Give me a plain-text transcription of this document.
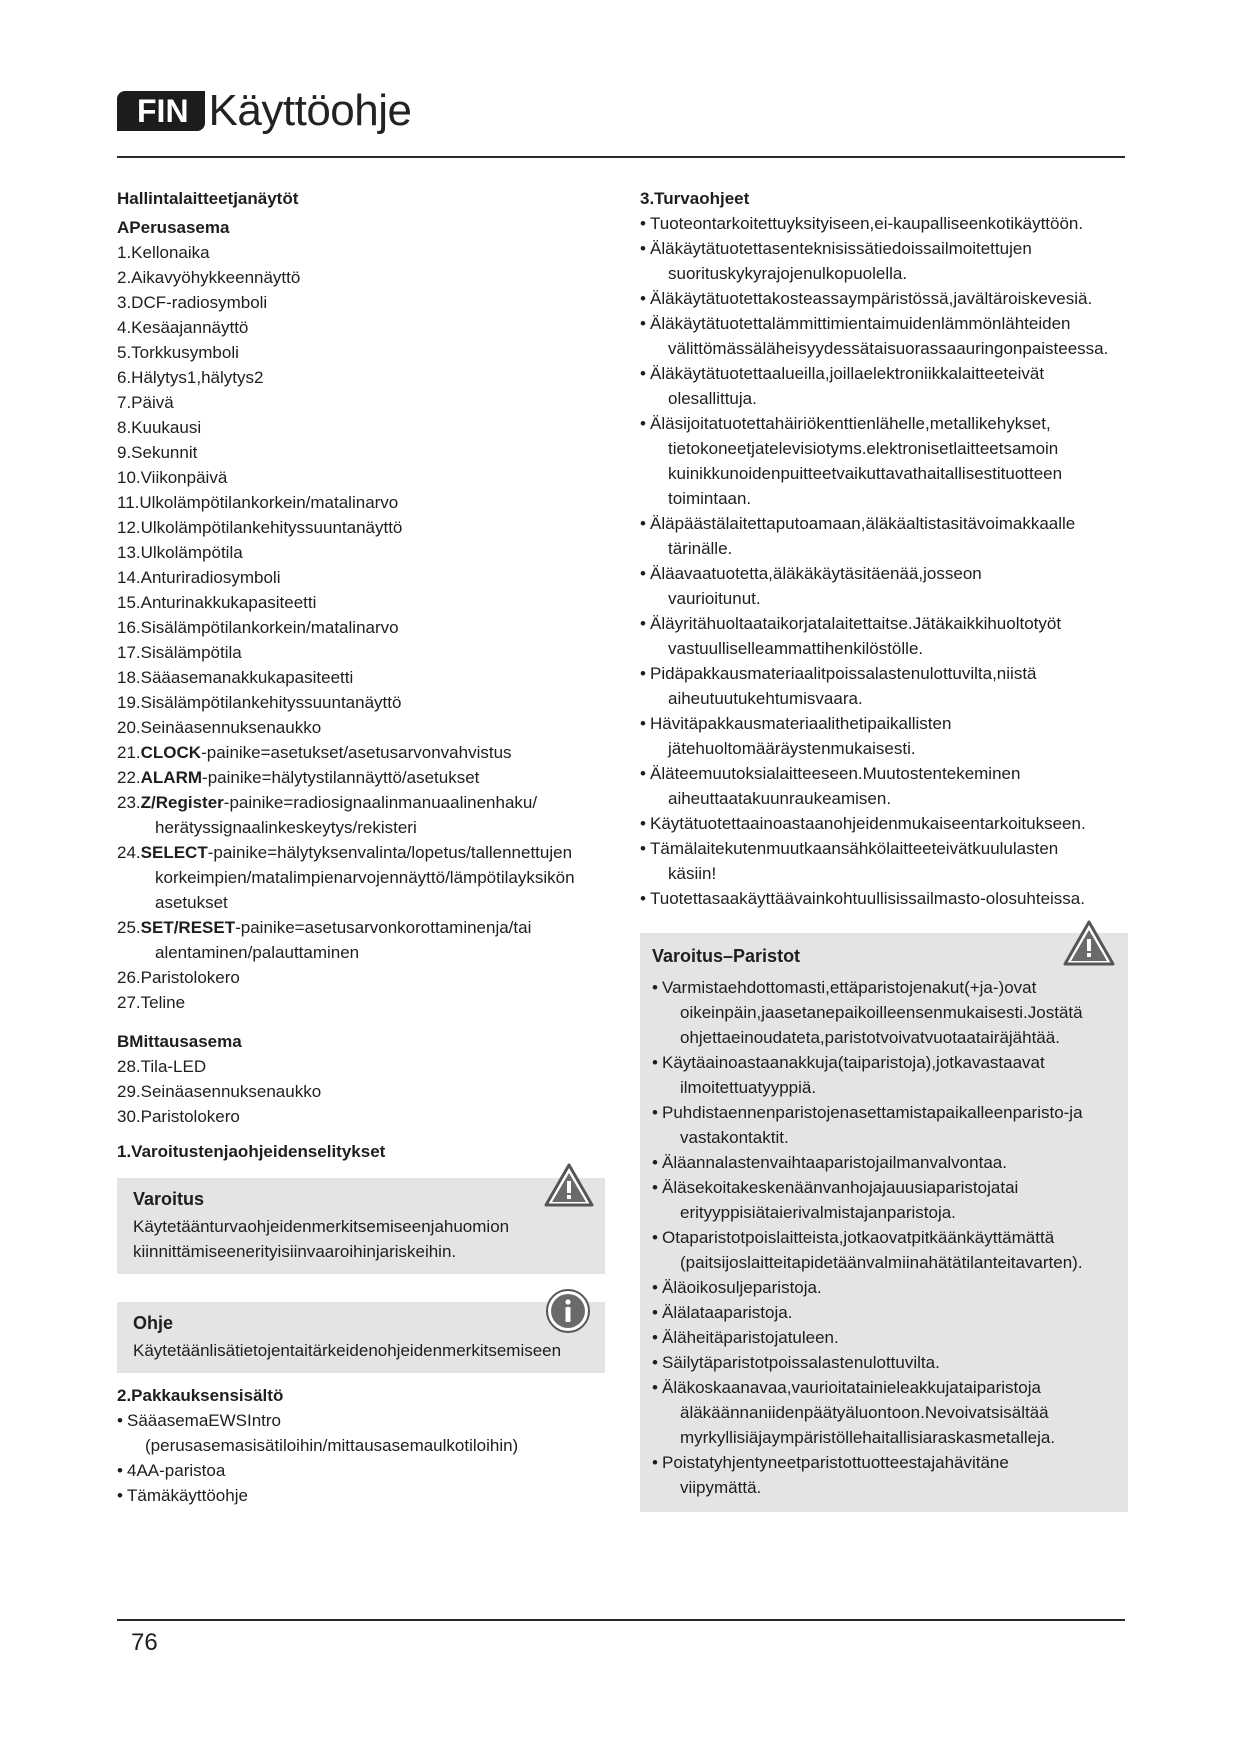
FIN Käyttöohje
Hallintalaitteetjanäytöt
APerusasema
1.Kellonaika
2.Aikavyöhykkeennäyttö
3.DCF-radiosymboli
4.Kesäajannäyttö
5.Torkkusymboli
6.Hälytys1,hälytys2
7.Päivä
8.Kuukausi
9.Sekunnit
10.Viikonpäivä
11.Ulkolämpötilankorkein/matalinarvo
12.Ulkolämpötilankehityssuuntanäyttö
13.Ulkolämpötila
14.Anturiradiosymboli
15.Anturinakkukapasiteetti
16.Sisälämpötilankorkein/matalinarvo
17.Sisälämpötila
18.Sääasemanakkukapasiteetti
19.Sisälämpötilankehityssuuntanäyttö
20.Seinäasennuksenaukko
21.CLOCK-painike=asetukset/asetusarvonvahvistus
22.ALARM-painike=hälytystilannäyttö/asetukset
23.Z/Register-painike=radiosignaalinmanuaalinenhaku/
herätyssignaalinkeskeytys/rekisteri
24.SELECT-painike=hälytyksenvalinta/lopetus/tallennettujen
korkeimpien/matalimpienarvojennäyttö/lämpötilayksikön asetukset
25.SET/RESET-painike=asetusarvonkorottaminenja/tai
alentaminen/palauttaminen
26.Paristolokero
27.Teline
BMittausasema
28.Tila-LED
29.Seinäasennuksenaukko
30.Paristolokero
1.Varoitustenjaohjeidenselitykset
Varoitus
Käytetäänturvaohjeidenmerkitsemiseenjahuomion kiinnittämiseenerityisiinvaaroihinjariskeihin.
Ohje
Käytetäänlisätietojentaitärkeidenohjeidenmerkitsemiseen
2.Pakkauksensisältö
• SääasemaEWSIntro
(perusasemasisätiloihin/mittausasemaulkotiloihin)
• 4AA-paristoa
• Tämäkäyttöohje
3.Turvaohjeet
• Tuoteontarkoitettuyksityiseen,ei-kaupalliseenkotikäyttöön.
• Äläkäytätuotettasenteknisissätiedoissailmoitettujen
suorituskykyrajojenulkopuolella.
• Äläkäytätuotettakosteassaympäristössä,javältäroiskevesiä.
• Äläkäytätuotettalämmittimientaimuidenlämmönlähteiden
välittömässäläheisyydessätaisuorassaauringonpaisteessa.
• Äläkäytätuotettaalueilla,joillaelektroniikkalaitteeteivät
olesallittuja.
• Äläsijoitatuotettahäiriökenttienlähelle,metallikehykset,
tietokoneetjatelevisiotyms.elektronisetlaitteetsamoin kuinikkunoidenpuitteetvaikuttavathaitallisestituotteen toimintaan.
• Äläpäästälaitettaputoamaan,äläkäaltistasitävoimakkaalle
tärinälle.
• Äläavaatuotetta,äläkäkäytäsitäenää,josseon
vaurioitunut.
• Äläyritähuoltaataikorjatalaitettaitse.Jätäkaikkihuoltotyöt
vastuulliselleammattihenkilöstölle.
• Pidäpakkausmateriaalitpoissalastenulottuvilta,niistä
aiheutuutukehtumisvaara.
• Hävitäpakkausmateriaalithetipaikallisten
jätehuoltomääräystenmukaisesti.
• Äläteemuutoksialaitteeseen.Muutostentekeminen
aiheuttaatakuunraukeamisen.
• Käytätuotettaainoastaanohjeidenmukaiseentarkoitukseen.
• Tämälaitekutenmuutkaansähkölaitteeteivätkuululasten
käsiin!
• Tuotettasaakäyttäävainkohtuullisissailmasto-olosuhteissa.
Varoitus–Paristot
• Varmistaehdottomasti,ettäparistojenakut(+ja-)ovat
oikeinpäin,jaasetanepaikoilleensenmukaisesti.Jostätä ohjettaeinoudateta,paristotvoivatvuotaatairäjähtää.
• Käytäainoastaanakkuja(taiparistoja),jotkavastaavat
ilmoitettuatyyppiä.
• Puhdistaennenparistojenasettamistapaikalleenparisto-ja
vastakontaktit.
• Äläannalastenvaihtaaparistojailmanvalvontaa.
• Äläsekoitakeskenäänvanhojajauusiaparistojatai
erityyppisiätaierivalmistajanparistoja.
• Otaparistotpoislaitteista,jotkaovatpitkäänkäyttämättä
(paitsijoslaitteitapidetäänvalmiinahätätilanteitavarten).
• Äläoikosuljeparistoja.
• Älälataaparistoja.
• Äläheitäparistojatuleen.
• Säilytäparistotpoissalastenulottuvilta.
• Äläkoskaanavaa,vaurioitatainieleakkujataiparistoja
äläkäännaniidenpäätyäluontoon.Nevoivatsisältää myrkyllisiäjaympäristöllehaitallisiaraskasmetalleja.
• Poistatyhjentyneetparistottuotteestajahävitäne
viipymättä.
76
